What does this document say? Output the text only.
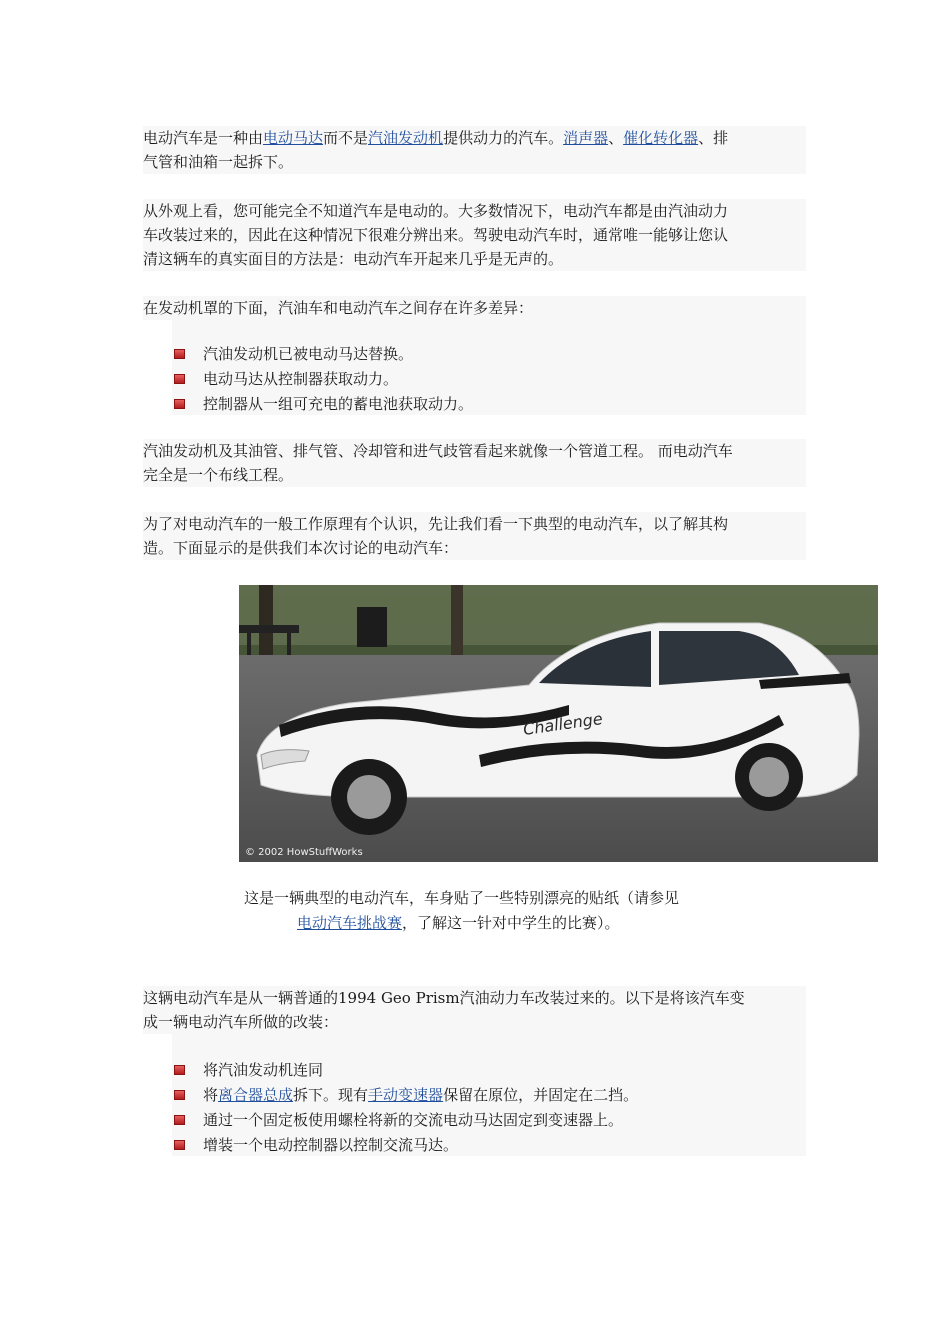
电动汽车是一种由电动马达而不是汽油发动机提供动力的汽车。消声器、催化转化器、排

气管和油箱一起拆下。

从外观上看，您可能完全不知道汽车是电动的。大多数情况下，电动汽车都是由汽油动力

车改装过来的，因此在这种情况下很难分辨出来。驾驶电动汽车时，通常唯一能够让您认

清这辆车的真实面目的方法是：电动汽车开起来几乎是无声的。

在发动机罩的下面，汽油车和电动汽车之间存在许多差异：

汽油发动机已被电动马达替换。
电动马达从控制器获取动力。
控制器从一组可充电的蓄电池获取动力。

汽油发动机及其油管、排气管、冷却管和进气歧管看起来就像一个管道工程。 而电动汽车

完全是一个布线工程。

为了对电动汽车的一般工作原理有个认识，先让我们看一下典型的电动汽车，以了解其构

造。下面显示的是供我们本次讨论的电动汽车：

Challenge
© 2002 HowStuffWorks
这是一辆典型的电动汽车，车身贴了一些特别漂亮的贴纸（请参见
电动汽车挑战赛，了解这一针对中学生的比赛）。

这辆电动汽车是从一辆普通的1994 Geo Prism汽油动力车改装过来的。以下是将该汽车变

成一辆电动汽车所做的改装：

将汽油发动机连同
将离合器总成拆下。现有手动变速器保留在原位，并固定在二挡。
通过一个固定板使用螺栓将新的交流电动马达固定到变速器上。
增装一个电动控制器以控制交流马达。
